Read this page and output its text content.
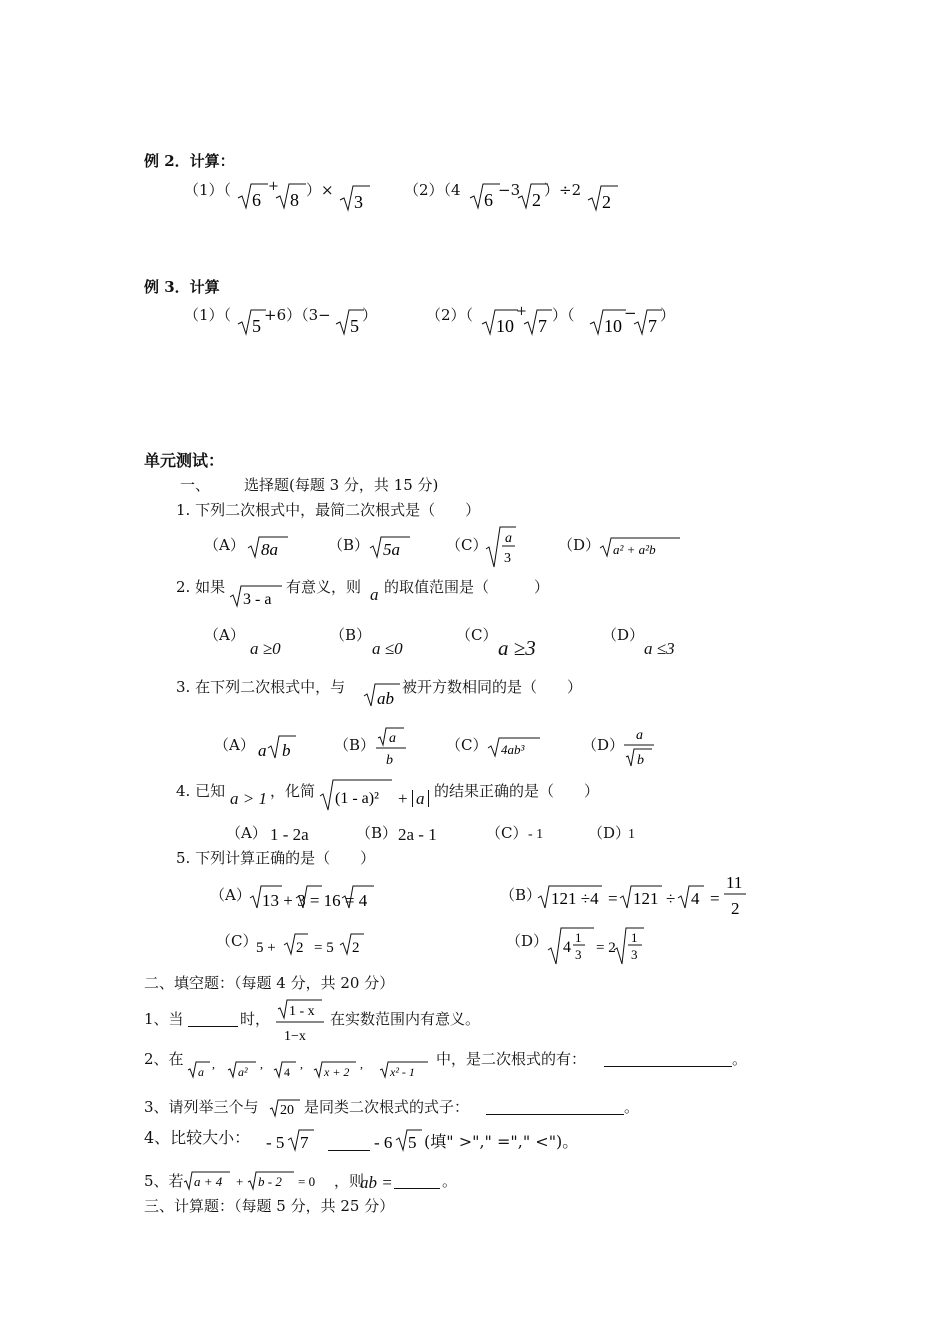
例 2．计算：
（1）（ 6
+
8 ）×
3
（2）（4 6 −3 2 ）÷2
2
例 3．计算
（1）（
5
+6）（3−
5
）	（2）（
10
+
7
）（
10
−
7
）
单元测试：
一、 选择题(每题 3 分，共 15 分)
1. 下列二次根式中，最简二次根式是（　　）
（A） 8a	（B） 5a	（C） a
3
（D） a² + a²b
2. 如果
3 - a
有意义，则 a 的取值范围是（　　　）
（A）
a ≥0
（B）
a ≤0
（C）
a ≥3
（D）
a ≤3
3. 在下列二次根式中，与
ab
被开方数相同的是（　　）
（A） a b	（B） a
b
（C） 4ab³	（D）
a
b
4. 已知 a > 1 ，化简 (1 - a)² + a 的结果正确的是（　　）
（A） 1 - 2a	（B） 2a - 1	（C） - 1	（D）
1
5. 下列计算正确的是（　　）
（A） 13 + 3 = 16 = 4	（B） 121 ÷4 = 121 ÷ 4 =
11
2
（C）
5 + 2 = 5 2	（D） 4
1
3 = 2
1
3
二、填空题：（每题 4 分，共 20 分）
1、当	时， 1 - x
1−x
在实数范围内有意义。
2、在
a
,
a²
,
4
,
x + 2
,
x² - 1
中，是二次根式的有：	。
3、请列举三个与 20 是同类二次根式的式子：	。
4、比较大小： - 5 7	- 6 5 (填" >"," ="," <")。
5、若 a + 4 + b - 2 = 0 ，则
ab =	。
三、计算题：（每题 5 分，共 25 分）
